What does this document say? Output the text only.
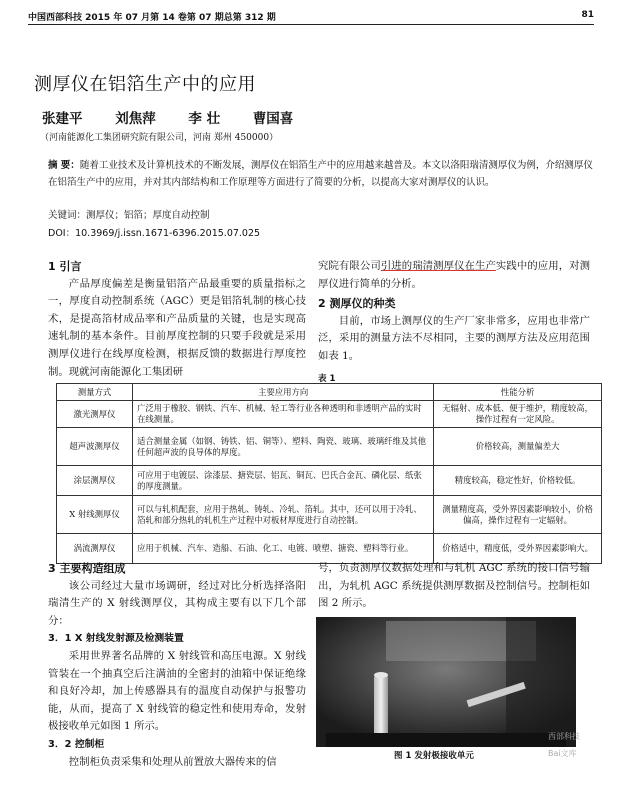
中国西部科技 2015 年 07 月第 14 卷第 07 期总第 312 期	81
测厚仪在铝箔生产中的应用
张建平 刘焦萍 李 壮 曹国喜
（河南能源化工集团研究院有限公司，河南 郑州 450000）
摘 要：随着工业技术及计算机技术的不断发展，测厚仪在铝箔生产中的应用越来越普及。本文以洛阳瑞清测厚仪为例，介绍测厚仪在铝箔生产中的应用，并对其内部结构和工作原理等方面进行了简要的分析，以提高大家对测厚仪的认识。
关键词：测厚仪；铝箔；厚度自动控制
DOI：10.3969/j.issn.1671-6396.2015.07.025
1 引言

产品厚度偏差是衡量铝箔产品最重要的质量指标之一，厚度自动控制系统（AGC）更是铝箔轧制的核心技术，是提高箔材成品率和产品质量的关键，也是实现高速轧制的基本条件。目前厚度控制的只要手段就是采用测厚仪进行在线厚度检测，根据反馈的数据进行厚度控制。现就河南能源化工集团研

究院有限公司引进的瑞清测厚仪在生产实践中的应用，对测厚仪进行简单的分析。

2 测厚仪的种类

目前，市场上测厚仪的生产厂家非常多，应用也非常广泛，采用的测量方法不尽相同，主要的测厚方法及应用范围如表 1。

表 1
测量方式	主要应用方向	性能分析
激光测厚仪	广泛用于橡胶、钢铁、汽车、机械、轻工等行业各种透明和非透明产品的实时在线测量。	无辐射、成本低、便于维护，精度较高，操作过程有一定风险。
超声波测厚仪	适合测量金属（如钢、铸铁、铝、铜等）、塑料、陶瓷、玻璃、玻璃纤维及其他任何超声波的良导体的厚度。	价格较高，测量偏差大
涂层测厚仪	可应用于电镀层、涂漆层、搪瓷层、铝瓦、铜瓦、巴氏合金瓦、磷化层、纸张的厚度测量。	精度较高，稳定性好，价格较低。
X 射线测厚仪	可以与轧机配套，应用于热轧、铸轧、冷轧、箔轧。其中，还可以用于冷轧、箔轧和部分热轧的轧机生产过程中对板材厚度进行自动控制。	测量精度高，受外界因素影响较小，价格偏高，操作过程有一定辐射。
涡流测厚仪	应用于机械、汽车、造船、石油、化工、电镀、喷塑、搪瓷、塑料等行业。	价格适中，精度低，受外界因素影响大。
3 主要构造组成

该公司经过大量市场调研，经过对比分析选择洛阳瑞清生产的 X 射线测厚仪，其构成主要有以下几个部分：

3．1 X 射线发射源及检测装置

采用世界著名品牌的 X 射线管和高压电源。X 射线管装在一个抽真空后注满油的全密封的油箱中保证绝缘和良好冷却，加上传感器具有的温度自动保护与报警功能，从而，提高了 X 射线管的稳定性和使用寿命，发射极接收单元如图 1 所示。

3．2 控制柜

控制柜负责采集和处理从前置放大器传来的信

号，负责测厚仪数据处理和与轧机 AGC 系统的接口信号输出，为轧机 AGC 系统提供测厚数据及控制信号。控制柜如图 2 所示。

图 1 发射极接收单元
西部科技
Bai文库
